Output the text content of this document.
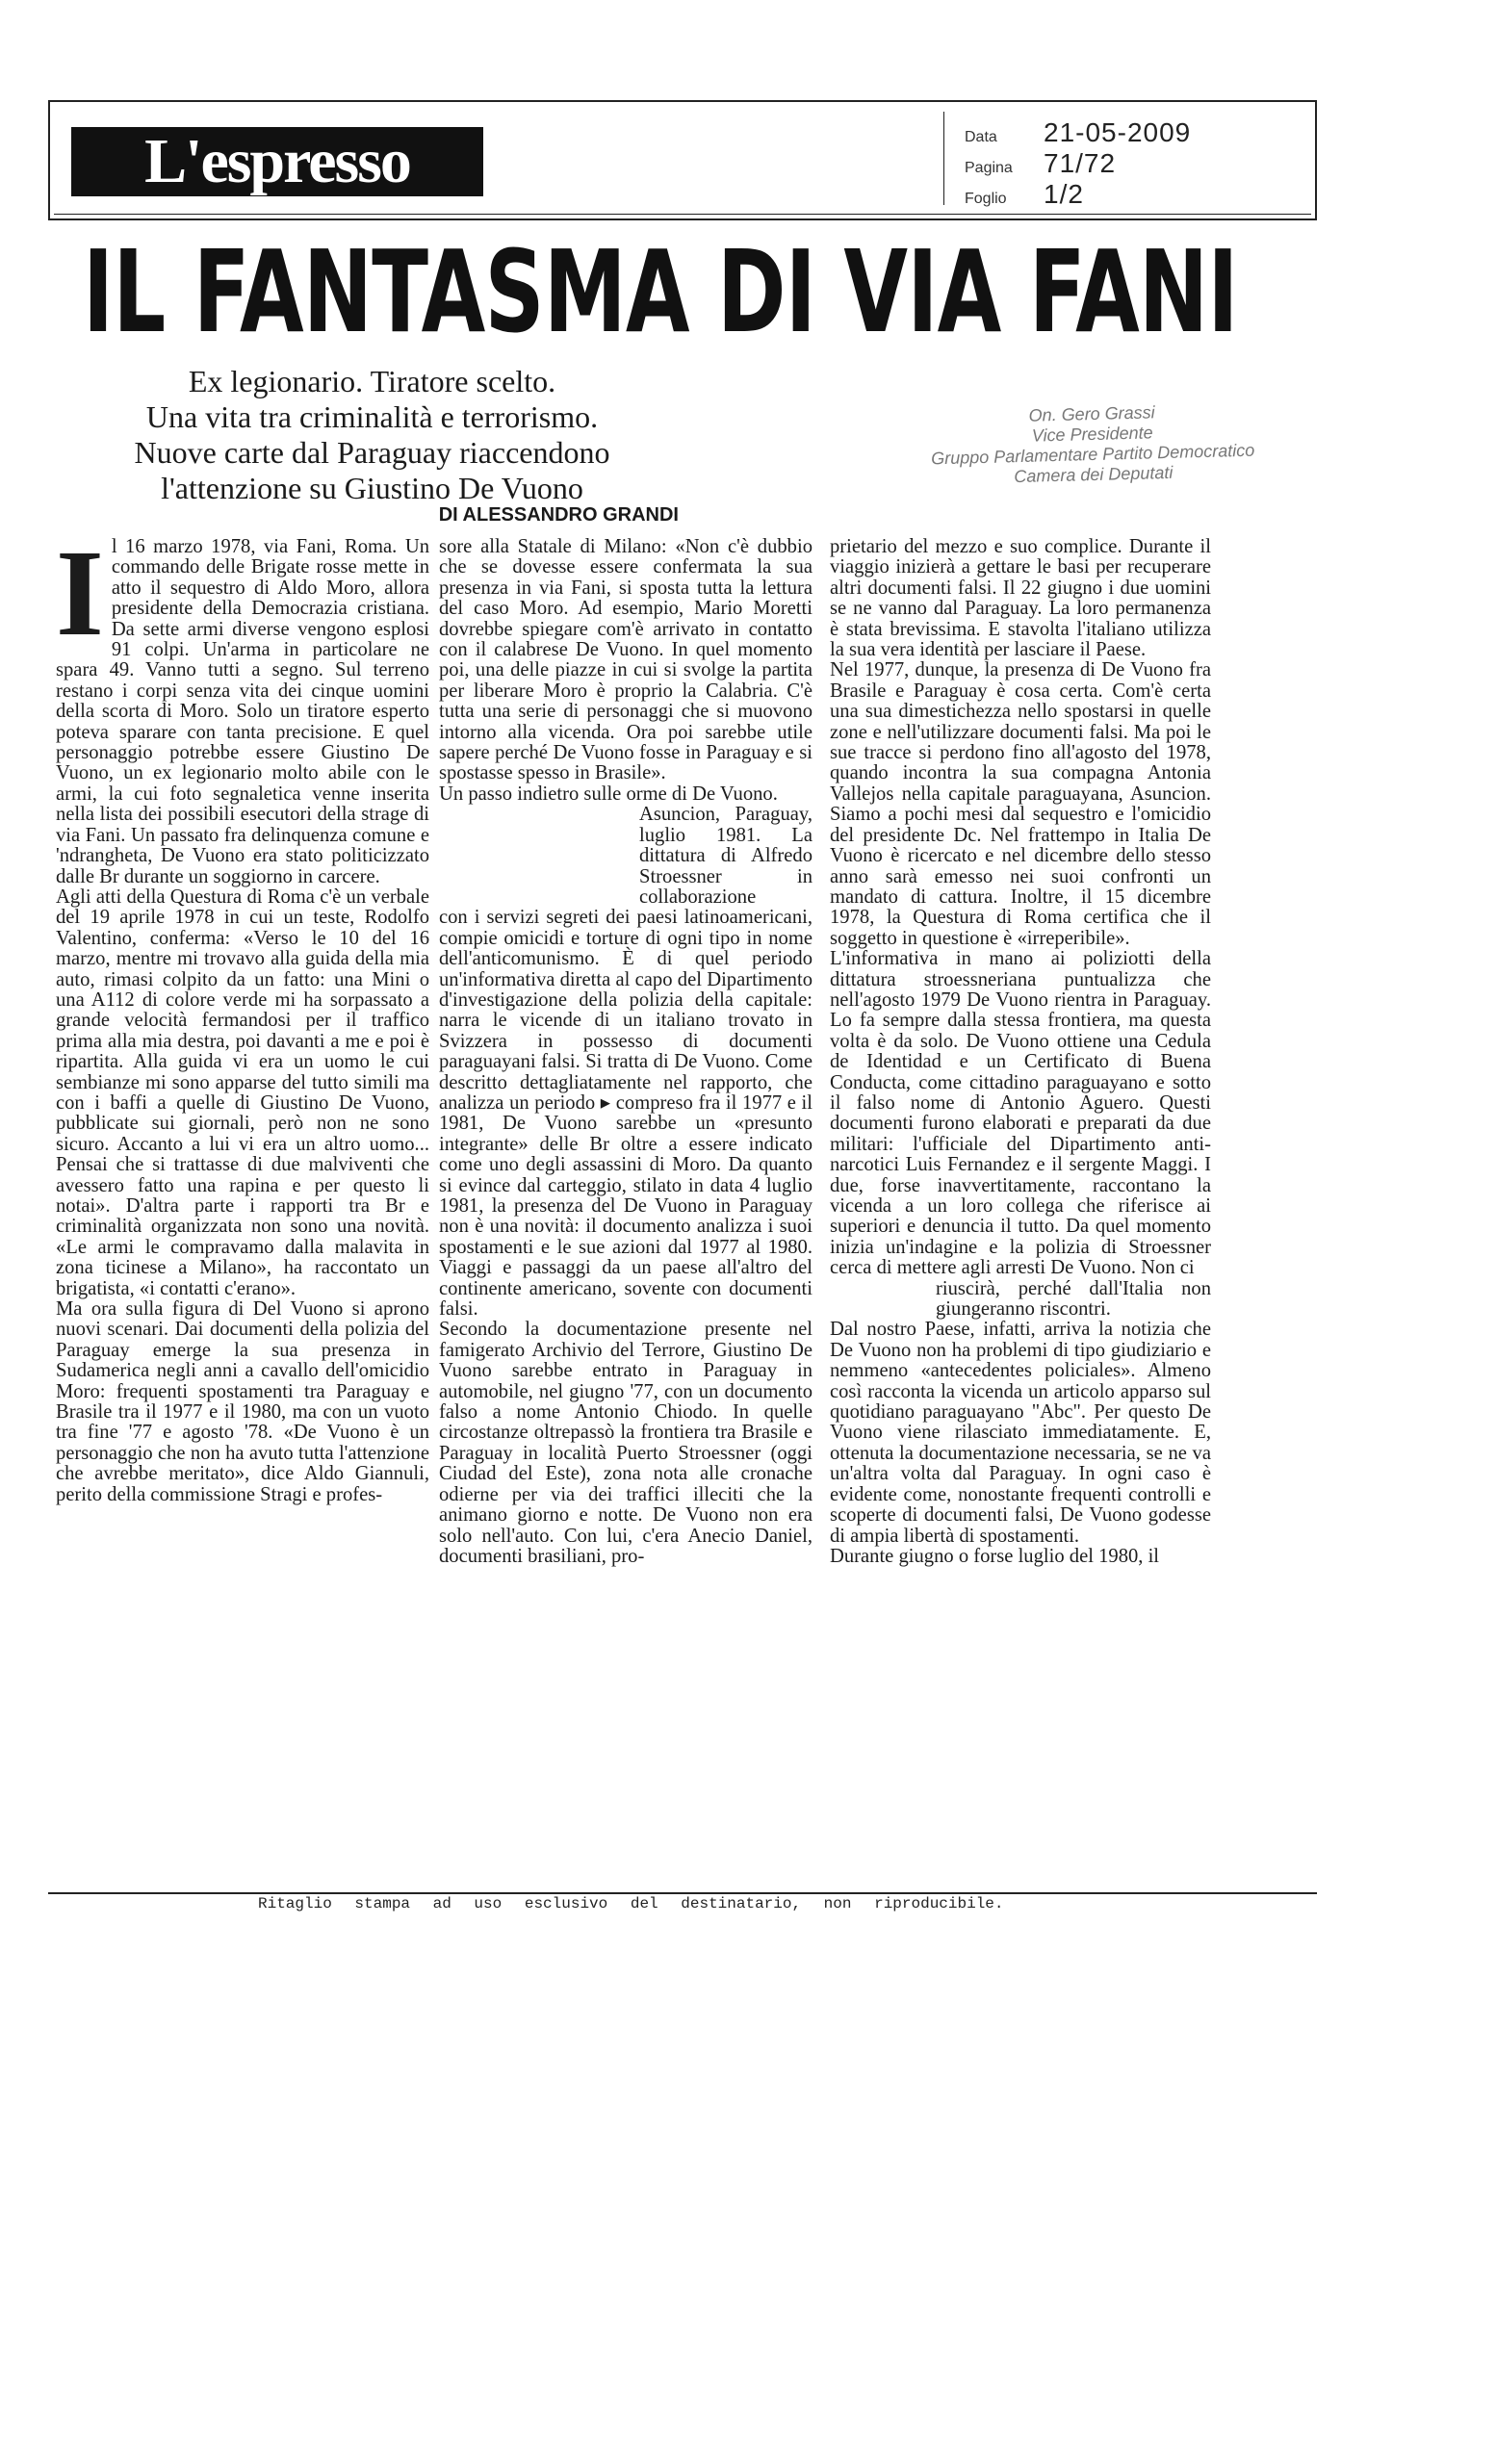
L'espresso	Data	21-05-2009
Pagina	71/72
Foglio	1/2
IL FANTASMA DI VIA FANI
Ex legionario. Tiratore scelto.
Una vita tra criminalità e terrorismo.
Nuove carte dal Paraguay riaccendono
l'attenzione su Giustino De Vuono
DI ALESSANDRO GRANDI
On. Gero Grassi
Vice Presidente
Gruppo Parlamentare Partito Democratico
Camera dei Deputati

Il 16 marzo 1978, via Fani, Roma. Un commando delle Brigate rosse mette in atto il sequestro di Aldo Moro, allora presidente della Democrazia cristiana. Da sette armi diverse vengono esplosi 91 colpi. Un'arma in particolare ne spara 49. Vanno tutti a segno. Sul terreno restano i corpi senza vita dei cinque uomini della scorta di Moro. Solo un tiratore esperto poteva sparare con tanta precisione. E quel personaggio potrebbe essere Giustino De Vuono, un ex legionario molto abile con le armi, la cui foto segnaletica venne inserita nella lista dei possibili esecutori della strage di via Fani. Un passato fra delinquenza comune e 'ndrangheta, De Vuono era stato politicizzato dalle Br durante un soggiorno in carcere.

Agli atti della Questura di Roma c'è un verbale del 19 aprile 1978 in cui un teste, Rodolfo Valentino, conferma: «Verso le 10 del 16 marzo, mentre mi trovavo alla guida della mia auto, rimasi colpito da un fatto: una Mini o una A112 di colore verde mi ha sorpassato a grande velocità fermandosi per il traffico prima alla mia destra, poi davanti a me e poi è ripartita. Alla guida vi era un uomo le cui sembianze mi sono apparse del tutto simili ma con i baffi a quelle di Giustino De Vuono, pubblicate sui giornali, però non ne sono sicuro. Accanto a lui vi era un altro uomo... Pensai che si trattasse di due malviventi che avessero fatto una rapina e per questo li notai». D'altra parte i rapporti tra Br e criminalità organizzata non sono una novità. «Le armi le compravamo dalla malavita in zona ticinese a Milano», ha raccontato un brigatista, «i contatti c'erano».

Ma ora sulla figura di Del Vuono si aprono nuovi scenari. Dai documenti della polizia del Paraguay emerge la sua presenza in Sudamerica negli anni a cavallo dell'omicidio Moro: frequenti spostamenti tra Paraguay e Brasile tra il 1977 e il 1980, ma con un vuoto tra fine '77 e agosto '78. «De Vuono è un personaggio che non ha avuto tutta l'attenzione che avrebbe meritato», dice Aldo Giannuli, perito della commissione Stragi e profes-

sore alla Statale di Milano: «Non c'è dubbio che se dovesse essere confermata la sua presenza in via Fani, si sposta tutta la lettura del caso Moro. Ad esempio, Mario Moretti dovrebbe spiegare com'è arrivato in contatto con il calabrese De Vuono. In quel momento poi, una delle piazze in cui si svolge la partita per liberare Moro è proprio la Calabria. C'è tutta una serie di personaggi che si muovono intorno alla vicenda. Ora poi sarebbe utile sapere perché De Vuono fosse in Paraguay e si spostasse spesso in Brasile».

Un passo indietro sulle orme di De Vuono.

Asuncion, Paraguay, luglio 1981. La dittatura di Alfredo Stroessner in collaborazione

con i servizi segreti dei paesi latinoamericani, compie omicidi e torture di ogni tipo in nome dell'anticomunismo. È di quel periodo un'informativa diretta al capo del Dipartimento d'investigazione della polizia della capitale: narra le vicende di un italiano trovato in Svizzera in possesso di documenti paraguayani falsi. Si tratta di De Vuono. Come descritto dettagliatamente nel rapporto, che analizza un periodo ▸ compreso fra il 1977 e il 1981, De Vuono sarebbe un «presunto integrante» delle Br oltre a essere indicato come uno degli assassini di Moro. Da quanto si evince dal carteggio, stilato in data 4 luglio 1981, la presenza del De Vuono in Paraguay non è una novità: il documento analizza i suoi spostamenti e le sue azioni dal 1977 al 1980. Viaggi e passaggi da un paese all'altro del continente americano, sovente con documenti falsi.

Secondo la documentazione presente nel famigerato Archivio del Terrore, Giustino De Vuono sarebbe entrato in Paraguay in automobile, nel giugno '77, con un documento falso a nome Antonio Chiodo. In quelle circostanze oltrepassò la frontiera tra Brasile e Paraguay in località Puerto Stroessner (oggi Ciudad del Este), zona nota alle cronache odierne per via dei traffici illeciti che la animano giorno e notte. De Vuono non era solo nell'auto. Con lui, c'era Anecio Daniel, documenti brasiliani, pro-

prietario del mezzo e suo complice. Durante il viaggio inizierà a gettare le basi per recuperare altri documenti falsi. Il 22 giugno i due uomini se ne vanno dal Paraguay. La loro permanenza è stata brevissima. E stavolta l'italiano utilizza la sua vera identità per lasciare il Paese.

Nel 1977, dunque, la presenza di De Vuono fra Brasile e Paraguay è cosa certa. Com'è certa una sua dimestichezza nello spostarsi in quelle zone e nell'utilizzare documenti falsi. Ma poi le sue tracce si perdono fino all'agosto del 1978, quando incontra la sua compagna Antonia Vallejos nella capitale paraguayana, Asuncion. Siamo a pochi mesi dal sequestro e l'omicidio del presidente Dc. Nel frattempo in Italia De Vuono è ricercato e nel dicembre dello stesso anno sarà emesso nei suoi confronti un mandato di cattura. Inoltre, il 15 dicembre 1978, la Questura di Roma certifica che il soggetto in questione è «irreperibile».

L'informativa in mano ai poliziotti della dittatura stroessneriana puntualizza che nell'agosto 1979 De Vuono rientra in Paraguay. Lo fa sempre dalla stessa frontiera, ma questa volta è da solo. De Vuono ottiene una Cedula de Identidad e un Certificato di Buena Conducta, come cittadino paraguayano e sotto il falso nome di Antonio Aguero. Questi documenti furono elaborati e preparati da due militari: l'ufficiale del Dipartimento anti-narcotici Luis Fernandez e il sergente Maggi. I due, forse inavvertitamente, raccontano la vicenda a un loro collega che riferisce ai superiori e denuncia il tutto. Da quel momento inizia un'indagine e la polizia di Stroessner cerca di mettere agli arresti De Vuono. Non ci

riuscirà, perché dall'Italia non giungeranno riscontri.

Dal nostro Paese, infatti, arriva la notizia che De Vuono non ha problemi di tipo giudiziario e nemmeno «antecedentes policiales». Almeno così racconta la vicenda un articolo apparso sul quotidiano paraguayano "Abc". Per questo De Vuono viene rilasciato immediatamente. E, ottenuta la documentazione necessaria, se ne va un'altra volta dal Paraguay. In ogni caso è evidente come, nonostante frequenti controlli e scoperte di documenti falsi, De Vuono godesse di ampia libertà di spostamenti.

Durante giugno o forse luglio del 1980, il

Ritaglio stampa ad uso esclusivo del destinatario, non riproducibile.
